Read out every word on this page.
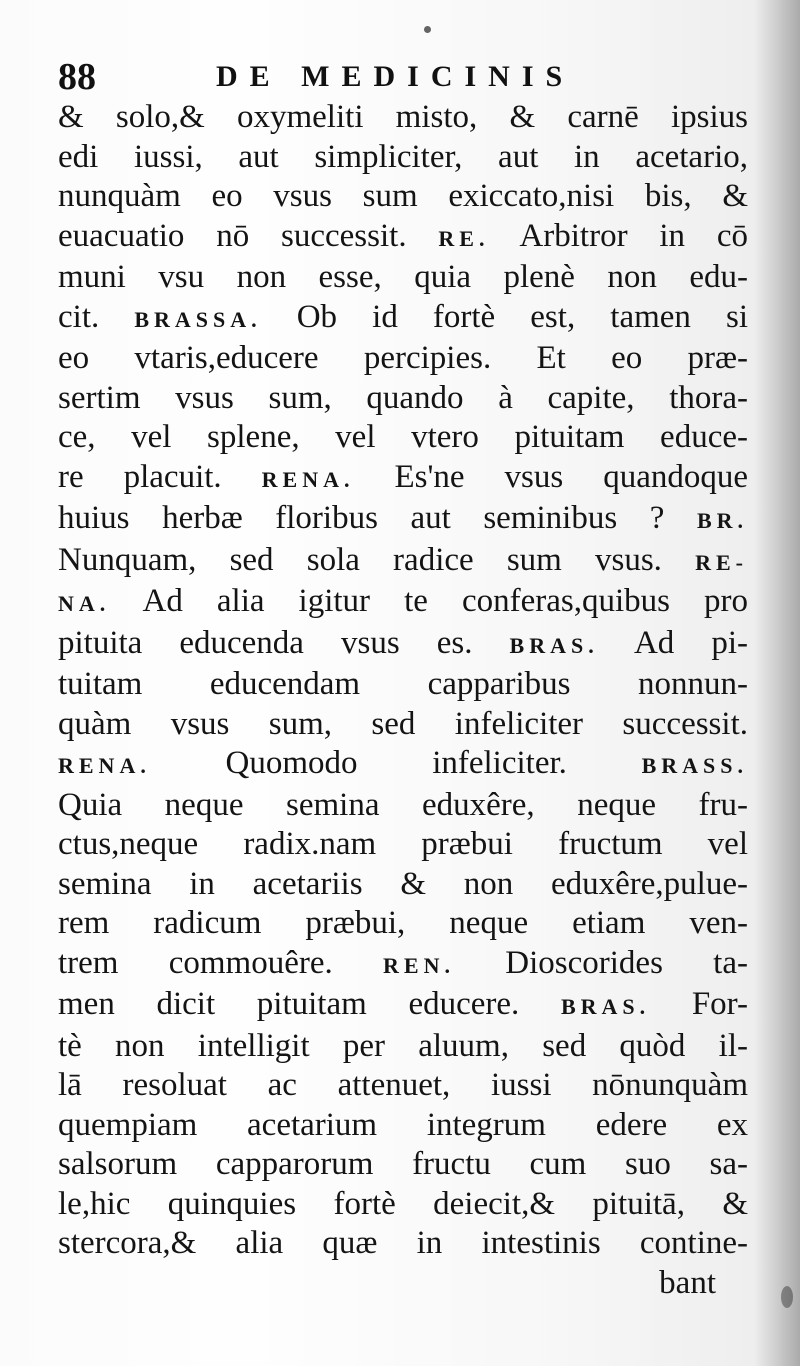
88	DE MEDICINIS
& solo,& oxymeliti misto, & carnē ipsius
edi iussi, aut simpliciter, aut in acetario,
nunquàm eo vsus sum exiccato,nisi bis, &
euacuatio nō successit. RE. Arbitror in cō
muni vsu non esse, quia plenè non edu-
cit. BRASSA. Ob id fortè est, tamen si
eo vtaris,educere percipies. Et eo præ-
sertim vsus sum, quando à capite, thora-
ce, vel splene, vel vtero pituitam educe-
re placuit. RENA. Es'ne vsus quandoque
huius herbæ floribus aut seminibus ? BR.
Nunquam, sed sola radice sum vsus. RE-
NA. Ad alia igitur te conferas,quibus pro
pituita educenda vsus es. BRAS. Ad pi-
tuitam educendam capparibus nonnun-
quàm vsus sum, sed infeliciter successit.
RENA. Quomodo infeliciter. BRASS.
Quia neque semina eduxêre, neque fru-
ctus,neque radix.nam præbui fructum vel
semina in acetariis & non eduxêre,pulue-
rem radicum præbui, neque etiam ven-
trem commouêre. REN. Dioscorides ta-
men dicit pituitam educere. BRAS. For-
tè non intelligit per aluum, sed quòd il-
lā resoluat ac attenuet, iussi nōnunquàm
quempiam acetarium integrum edere ex
salsorum capparorum fructu cum suo sa-
le,hic quinquies fortè deiecit,& pituitā, &
stercora,& alia quæ in intestinis contine-
bant
